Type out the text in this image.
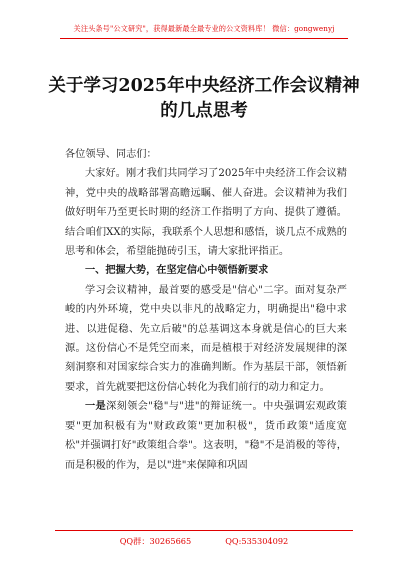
关注头条号"公文研究"，获得最新最全最专业的公文资料库！ 微信：gongwenyj
关于学习2025年中央经济工作会议精神的几点思考

各位领导、同志们：

大家好。刚才我们共同学习了2025年中央经济工作会议精神，党中央的战略部署高瞻远瞩、催人奋进。会议精神为我们做好明年乃至更长时期的经济工作指明了方向、提供了遵循。结合咱们XX的实际，我联系个人思想和感悟，谈几点不成熟的思考和体会，希望能抛砖引玉，请大家批评指正。

一、把握大势，在坚定信心中领悟新要求

学习会议精神，最首要的感受是"信心"二字。面对复杂严峻的内外环境，党中央以非凡的战略定力，明确提出"稳中求进、以进促稳、先立后破"的总基调这本身就是信心的巨大来源。这份信心不是凭空而来，而是植根于对经济发展规律的深刻洞察和对国家综合实力的准确判断。作为基层干部，领悟新要求，首先就要把这份信心转化为我们前行的动力和定力。

一是深刻领会"稳"与"进"的辩证统一。中央强调宏观政策要"更加积极有为"财政政策"更加积极"，货币政策"适度宽松"并强调打好"政策组合拳"。这表明，"稳"不是消极的等待，而是积极的作为，是以"进"来保障和巩固

QQ群：30265665	QQ:535304092
